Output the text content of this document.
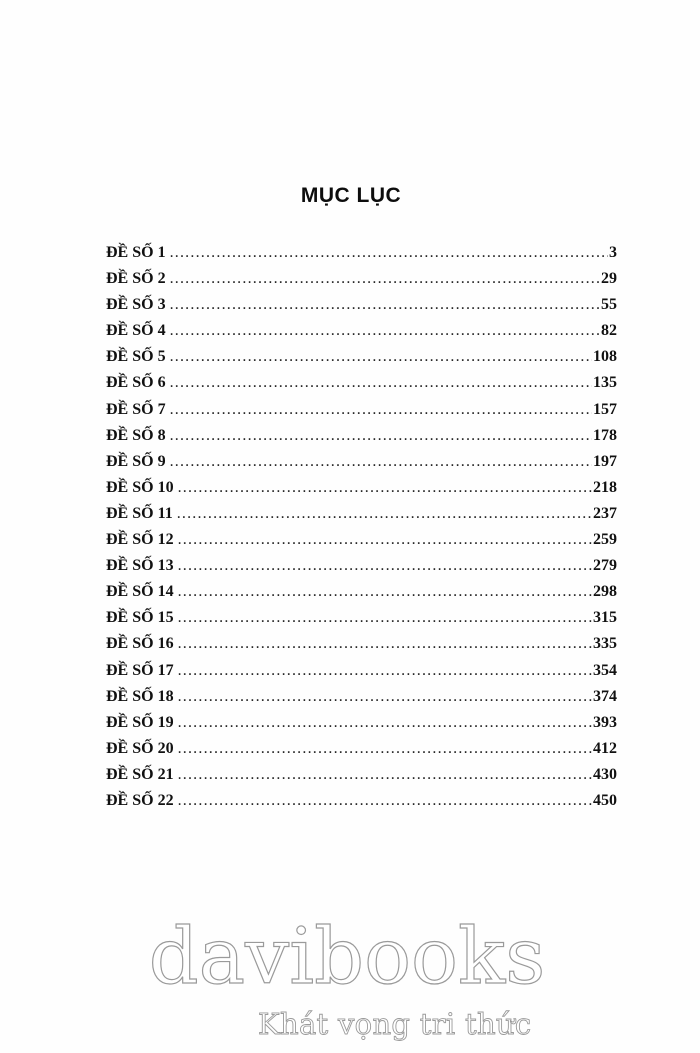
MỤC LỤC
ĐỀ SỐ 1 .....	3
ĐỀ SỐ 2 .....	29
ĐỀ SỐ 3 .....	55
ĐỀ SỐ 4 .....	82
ĐỀ SỐ 5 .....	108
ĐỀ SỐ 6 .....	135
ĐỀ SỐ 7 .....	157
ĐỀ SỐ 8 .....	178
ĐỀ SỐ 9 .....	197
ĐỀ SỐ 10 .....	218
ĐỀ SỐ 11 .....	237
ĐỀ SỐ 12 .....	259
ĐỀ SỐ 13 .....	279
ĐỀ SỐ 14 .....	298
ĐỀ SỐ 15 .....	315
ĐỀ SỐ 16 .....	335
ĐỀ SỐ 17 .....	354
ĐỀ SỐ 18 .....	374
ĐỀ SỐ 19 .....	393
ĐỀ SỐ 20 .....	412
ĐỀ SỐ 21 .....	430
ĐỀ SỐ 22 .....	450
davibooks
Khát vọng tri thức
